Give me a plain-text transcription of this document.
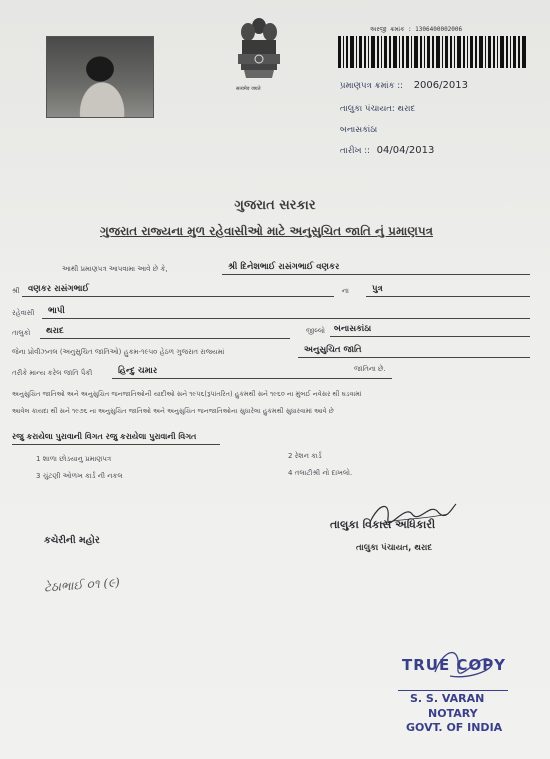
सत्यमेव जयते
અરજી ક્રમાંક : 1306400002006
પ્રમાણપત્ર ક્રમાંક :: 2006/2013
તાલુકા પંચાયત: થરાદ
બનાસકાંઠા
તારીખ :: 04/04/2013
ગુજરાત સરકાર
ગુજરાત રાજ્યના મુળ રહેવાસીઓ માટે અનુસુચિત જાતિ નું પ્રમાણપત્ર
આથી પ્રમાણપત્ર આપવામા આવે છે કે,	શ્રી દિનેશભાઈ રાસંગભાઈ વણકર
શ્રી વણકર રાસંગભાઈ	ના	પુત્ર
રહેવાસી ભાપી
તાલુકો થરાદ	જીલ્લો બનાસકાંઠા
જેના પ્રોવીઝનલ (અનુસુચિત જાતિઓ) હુકમ-૧૯૫૦ હેઠળ ગુજરાત રાજ્યમાં	અનુસુચિત જાતિ
તરીકે માન્ય કરેલ જાતિ પૈકી	હિન્દુ ચમાર	જાતિના છે.
અનુસુચિત જાતિઓ અને અનુસુચિત જનજાતિઓની યાદીઓ સને ૧૯૫૬(રૂપાંતરિત) હુકમથી સને ૧૯૬૦ ના મુંબઈ નવેસર થી ઘડવામાં
આવેલ કાયદા થી સને ૧૯૭૬ ના અનુસુચિત જાતિઓ અને અનુસુચિત જનજાતિઓના સુધારેલા હુકમથી સુધારવામાં આવે છે
રજુ કરાયેલા પુરાવાની વિગત રજુ કરાયેલા પુરાવાની વિગત
1 શાળા છોડયાનુ પ્રમાણપત્ર	2 રેશન કાર્ડ
3 ચુંટણી ઓળખ કાર્ડ ની નકલ	4 તલાટીશ્રી નો દાખલો.
તાલુકા વિકાસ અધિકારી
તાલુકા પંચાયત, થરાદ
કચેરીની મહોર
ટેઠાભાઈ ૦૧ (૯)
TRUE COPY
S. S. VARAN
NOTARY
GOVT. OF INDIA
